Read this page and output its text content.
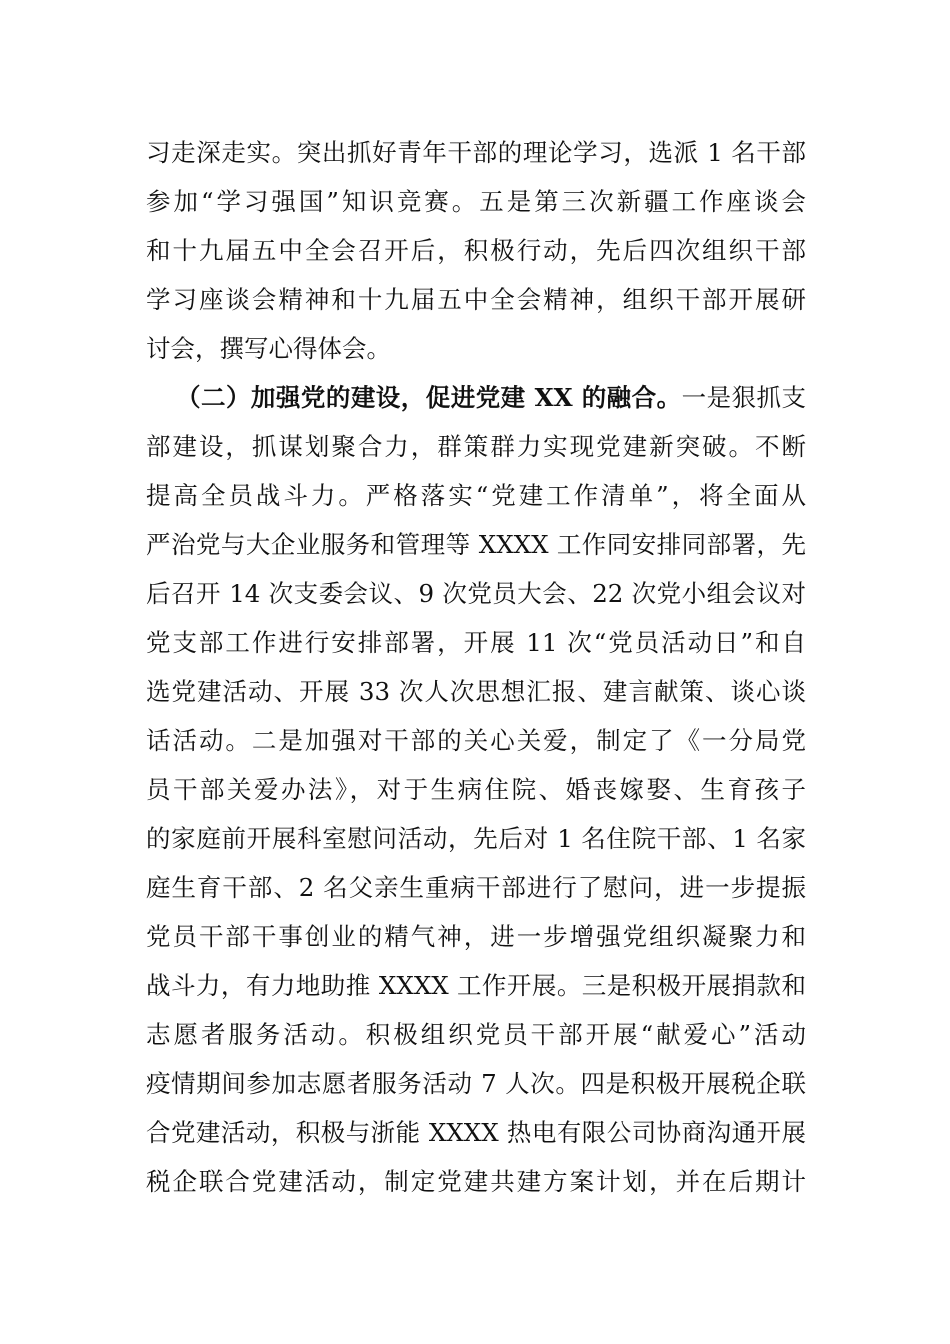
习走深走实。突出抓好青年干部的理论学习，选派 1 名干部
参加“学习强国”知识竞赛。五是第三次新疆工作座谈会
和十九届五中全会召开后，积极行动，先后四次组织干部
学习座谈会精神和十九届五中全会精神，组织干部开展研
讨会，撰写心得体会。
（二）加强党的建设，促进党建 XX 的融合。一是狠抓支
部建设，抓谋划聚合力，群策群力实现党建新突破。不断
提高全员战斗力。严格落实“党建工作清单”，将全面从
严治党与大企业服务和管理等 XXXX 工作同安排同部署，先
后召开 14 次支委会议、9 次党员大会、22 次党小组会议对
党支部工作进行安排部署，开展 11 次“党员活动日”和自
选党建活动、开展 33 次人次思想汇报、建言献策、谈心谈
话活动。二是加强对干部的关心关爱，制定了《一分局党
员干部关爱办法》，对于生病住院、婚丧嫁娶、生育孩子
的家庭前开展科室慰问活动，先后对 1 名住院干部、1 名家
庭生育干部、2 名父亲生重病干部进行了慰问，进一步提振
党员干部干事创业的精气神，进一步增强党组织凝聚力和
战斗力，有力地助推 XXXX 工作开展。三是积极开展捐款和
志愿者服务活动。积极组织党员干部开展“献爱心”活动
疫情期间参加志愿者服务活动 7 人次。四是积极开展税企联
合党建活动，积极与浙能 XXXX 热电有限公司协商沟通开展
税企联合党建活动，制定党建共建方案计划，并在后期计
